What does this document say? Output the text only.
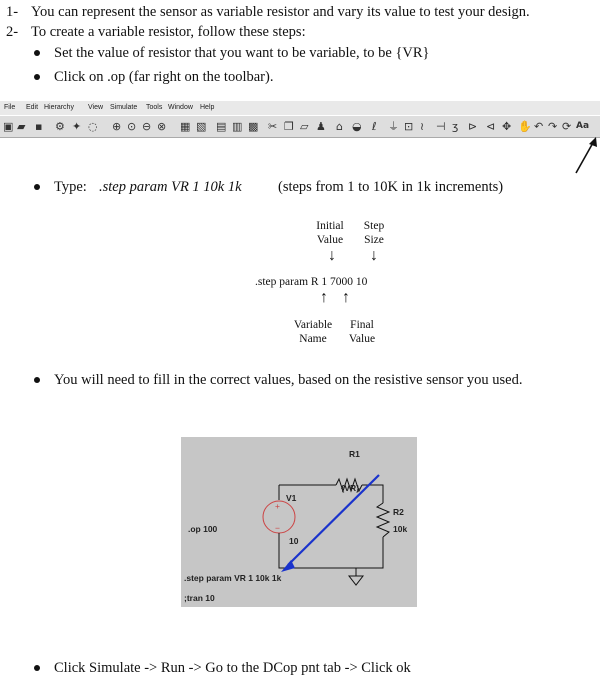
1- You can represent the sensor as variable resistor and vary its value to test your design.
2- To create a variable resistor, follow these steps:
Set the value of resistor that you want to be variable, to be {VR}
Click on .op (far right on the toolbar).
File Edit Hierarchy View Simulate Tools Window Help
▣ ▰ ▪ ⚙ ✦ ◌ ⊕ ⊙ ⊖ ⊗ ▦ ▧ ▤ ▥ ▩ ✂ ❐ ▱ ♟ ⌂ ◒ ℓ ⏚ ⊡ ≀ ⊣ ʒ ⊳ ⊲ ✥ ✋ ↶ ↷ ⟳ Aa
Type: .step param VR 1 10k 1k	(steps from 1 to 10K in 1k increments)
Initial
Value
Step
Size
↓	↓
.step param R 1 7000 10
↑ ↑
Variable
Name
Final
Value
You will need to fill in the correct values, based on the resistive sensor you used.
R1
{VR}
V1
+
−
R2
10k
10
.op 100
.step param VR 1 10k 1k
;tran 10
Click Simulate -> Run -> Go to the DCop pnt tab -> Click ok
